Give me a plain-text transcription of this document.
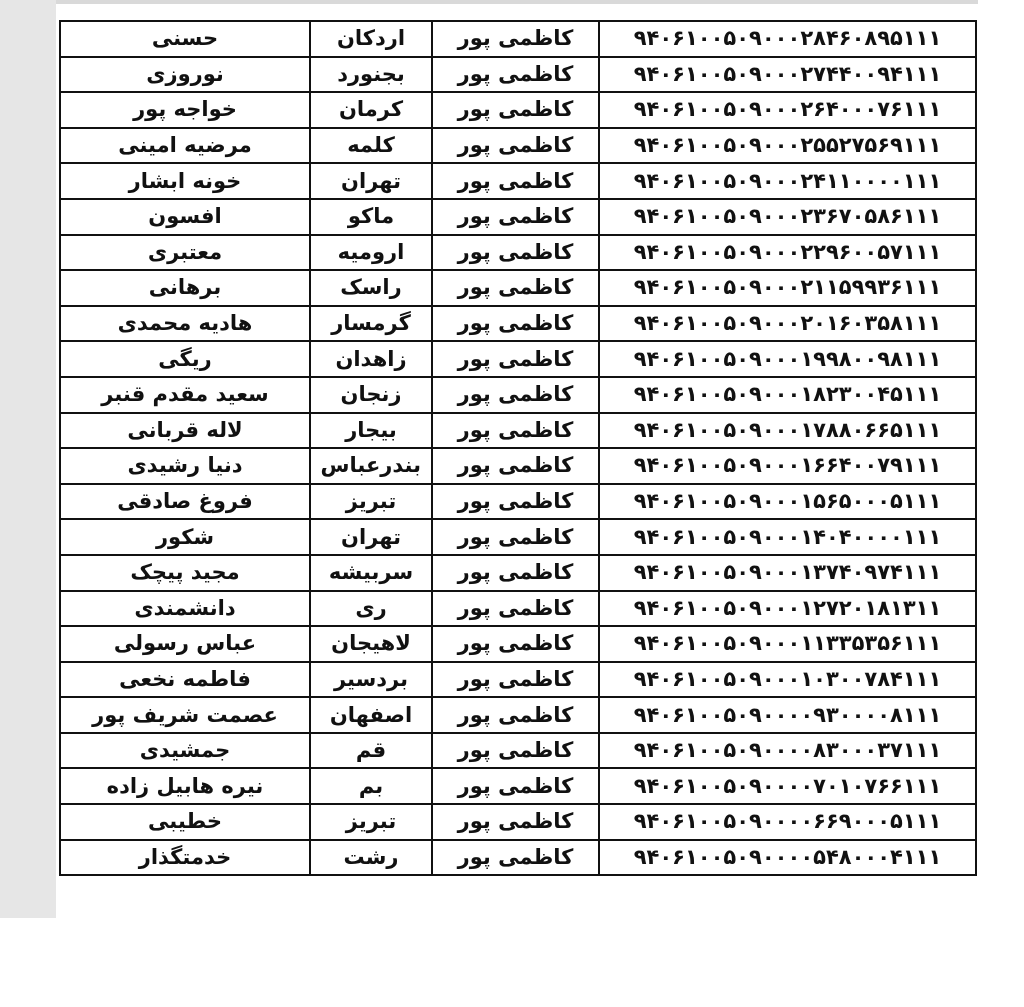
حسنی	اردکان	کاظمی پور	۹۴۰۶۱۰۰۵۰۹۰۰۰۲۸۴۶۰۸۹۵۱۱۱
نوروزی	بجنورد	کاظمی پور	۹۴۰۶۱۰۰۵۰۹۰۰۰۲۷۴۴۰۰۹۴۱۱۱
خواجه پور	کرمان	کاظمی پور	۹۴۰۶۱۰۰۵۰۹۰۰۰۲۶۴۰۰۰۷۶۱۱۱
مرضیه امینی	کلمه	کاظمی پور	۹۴۰۶۱۰۰۵۰۹۰۰۰۲۵۵۲۷۵۶۹۱۱۱
خونه ابشار	تهران	کاظمی پور	۹۴۰۶۱۰۰۵۰۹۰۰۰۲۴۱۱۰۰۰۰۱۱۱
افسون	ماکو	کاظمی پور	۹۴۰۶۱۰۰۵۰۹۰۰۰۲۳۶۷۰۵۸۶۱۱۱
معتبری	ارومیه	کاظمی پور	۹۴۰۶۱۰۰۵۰۹۰۰۰۲۲۹۶۰۰۵۷۱۱۱
برهانی	راسک	کاظمی پور	۹۴۰۶۱۰۰۵۰۹۰۰۰۲۱۱۵۹۹۳۶۱۱۱
هادیه محمدی	گرمسار	کاظمی پور	۹۴۰۶۱۰۰۵۰۹۰۰۰۲۰۱۶۰۳۵۸۱۱۱
ریگی	زاهدان	کاظمی پور	۹۴۰۶۱۰۰۵۰۹۰۰۰۱۹۹۸۰۰۹۸۱۱۱
سعید مقدم قنبر	زنجان	کاظمی پور	۹۴۰۶۱۰۰۵۰۹۰۰۰۱۸۲۳۰۰۴۵۱۱۱
لاله قربانی	بیجار	کاظمی پور	۹۴۰۶۱۰۰۵۰۹۰۰۰۱۷۸۸۰۶۶۵۱۱۱
دنیا رشیدی	بندرعباس	کاظمی پور	۹۴۰۶۱۰۰۵۰۹۰۰۰۱۶۶۴۰۰۷۹۱۱۱
فروغ صادقی	تبریز	کاظمی پور	۹۴۰۶۱۰۰۵۰۹۰۰۰۱۵۶۵۰۰۰۵۱۱۱
شکور	تهران	کاظمی پور	۹۴۰۶۱۰۰۵۰۹۰۰۰۱۴۰۴۰۰۰۰۱۱۱
مجید پیچک	سربیشه	کاظمی پور	۹۴۰۶۱۰۰۵۰۹۰۰۰۱۳۷۴۰۹۷۴۱۱۱
دانشمندی	ری	کاظمی پور	۹۴۰۶۱۰۰۵۰۹۰۰۰۱۲۷۲۰۱۸۱۳۱۱
عباس رسولی	لاهیجان	کاظمی پور	۹۴۰۶۱۰۰۵۰۹۰۰۰۱۱۳۳۵۳۵۶۱۱۱
فاطمه نخعی	بردسیر	کاظمی پور	۹۴۰۶۱۰۰۵۰۹۰۰۰۱۰۳۰۰۷۸۴۱۱۱
عصمت شریف پور	اصفهان	کاظمی پور	۹۴۰۶۱۰۰۵۰۹۰۰۰۰۹۳۰۰۰۰۸۱۱۱
جمشیدی	قم	کاظمی پور	۹۴۰۶۱۰۰۵۰۹۰۰۰۰۸۳۰۰۰۳۷۱۱۱
نیره هابیل زاده	بم	کاظمی پور	۹۴۰۶۱۰۰۵۰۹۰۰۰۰۷۰۱۰۷۶۶۱۱۱
خطیبی	تبریز	کاظمی پور	۹۴۰۶۱۰۰۵۰۹۰۰۰۰۶۶۹۰۰۰۵۱۱۱
خدمتگذار	رشت	کاظمی پور	۹۴۰۶۱۰۰۵۰۹۰۰۰۰۵۴۸۰۰۰۴۱۱۱
